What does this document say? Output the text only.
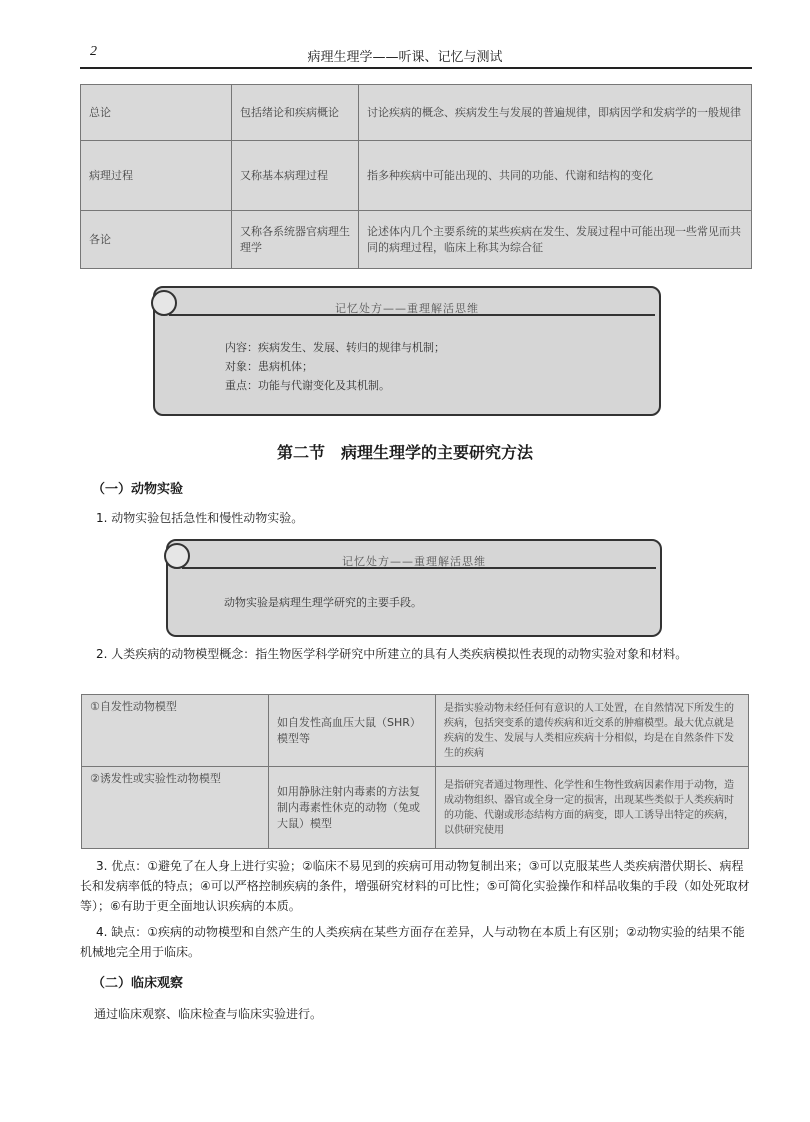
2	病理生理学——听课、记忆与测试
总论	包括绪论和疾病概论	讨论疾病的概念、疾病发生与发展的普遍规律，即病因学和发病学的一般规律
病理过程	又称基本病理过程	指多种疾病中可能出现的、共同的功能、代谢和结构的变化
各论	又称各系统器官病理生理学	论述体内几个主要系统的某些疾病在发生、发展过程中可能出现一些常见而共同的病理过程，临床上称其为综合征
记忆处方——重理解活思维
内容：疾病发生、发展、转归的规律与机制；
对象：患病机体；
重点：功能与代谢变化及其机制。
第二节　病理生理学的主要研究方法
（一）动物实验
1. 动物实验包括急性和慢性动物实验。
记忆处方——重理解活思维
动物实验是病理生理学研究的主要手段。
2. 人类疾病的动物模型概念：指生物医学科学研究中所建立的具有人类疾病模拟性表现的动物实验对象和材料。
①自发性动物模型	如自发性高血压大鼠（SHR）模型等	是指实验动物未经任何有意识的人工处置，在自然情况下所发生的疾病，包括突变系的遗传疾病和近交系的肿瘤模型。最大优点就是疾病的发生、发展与人类相应疾病十分相似，均是在自然条件下发生的疾病
②诱发性或实验性动物模型	如用静脉注射内毒素的方法复制内毒素性休克的动物（兔或大鼠）模型	是指研究者通过物理性、化学性和生物性致病因素作用于动物，造成动物组织、器官或全身一定的损害，出现某些类似于人类疾病时的功能、代谢或形态结构方面的病变，即人工诱导出特定的疾病，以供研究使用
3. 优点：①避免了在人身上进行实验；②临床不易见到的疾病可用动物复制出来；③可以克服某些人类疾病潜伏期长、病程长和发病率低的特点；④可以严格控制疾病的条件，增强研究材料的可比性；⑤可简化实验操作和样品收集的手段（如处死取材等）；⑥有助于更全面地认识疾病的本质。
4. 缺点：①疾病的动物模型和自然产生的人类疾病在某些方面存在差异，人与动物在本质上有区别；②动物实验的结果不能机械地完全用于临床。
（二）临床观察
通过临床观察、临床检查与临床实验进行。
